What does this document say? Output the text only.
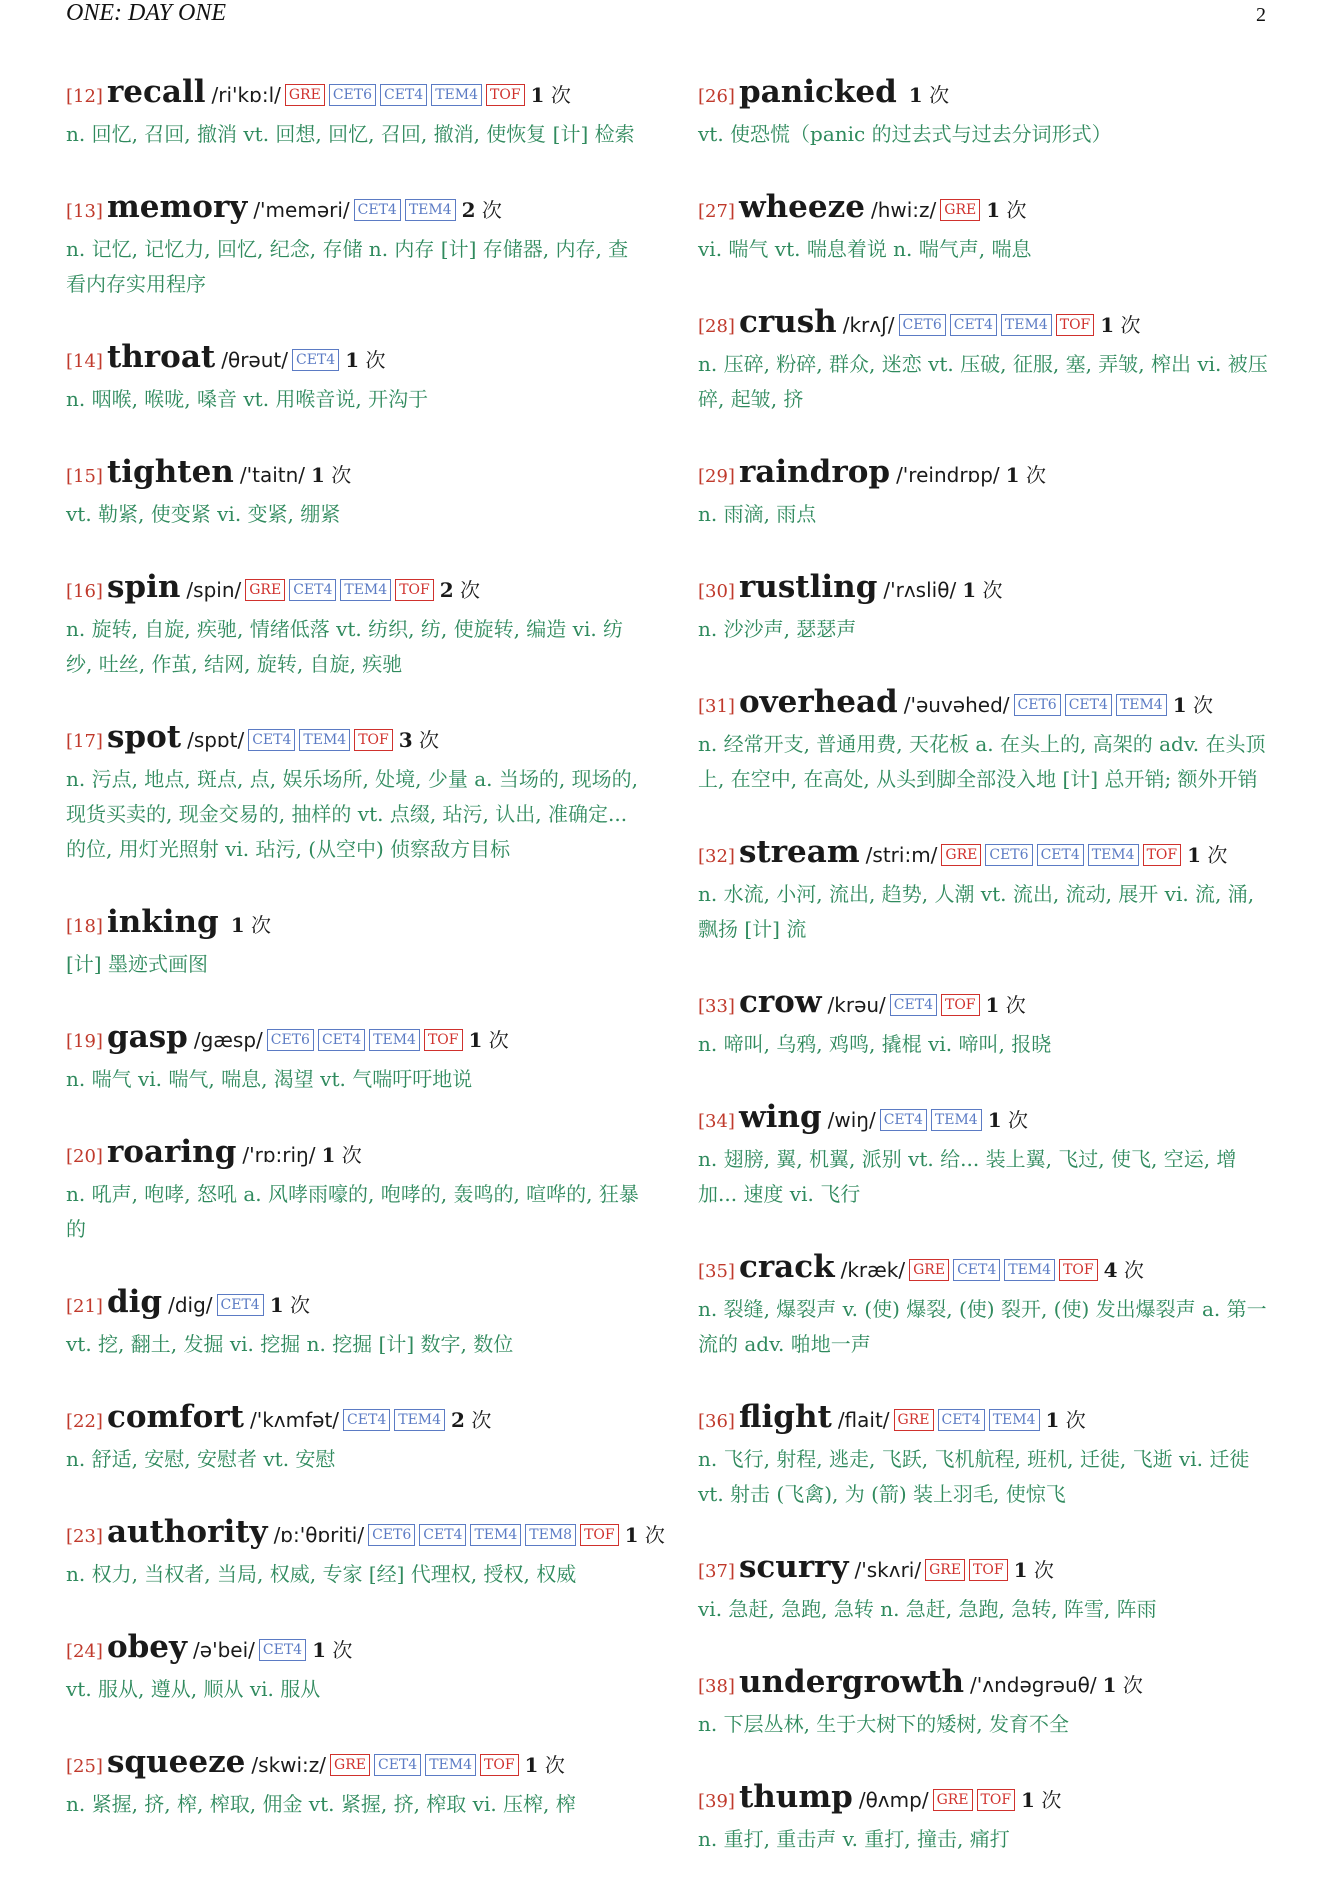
ONE: DAY ONE	2
[12] recall /ri'kɒ:l/ GRE CET6 CET4 TEM4 TOF 1 次

n. 回忆, 召回, 撤消 vt. 回想, 回忆, 召回, 撤消, 使恢复 [计] 检索

[13] memory /'meməri/ CET4 TEM4 2 次

n. 记忆, 记忆力, 回忆, 纪念, 存储 n. 内存 [计] 存储器, 内存, 查看内存实用程序

[14] throat /θrəut/ CET4 1 次

n. 咽喉, 喉咙, 嗓音 vt. 用喉音说, 开沟于

[15] tighten /'taitn/ 1 次

vt. 勒紧, 使变紧 vi. 变紧, 绷紧

[16] spin /spin/ GRE CET4 TEM4 TOF 2 次

n. 旋转, 自旋, 疾驰, 情绪低落 vt. 纺织, 纺, 使旋转, 编造 vi. 纺纱, 吐丝, 作茧, 结网, 旋转, 自旋, 疾驰

[17] spot /spɒt/ CET4 TEM4 TOF 3 次

n. 污点, 地点, 斑点, 点, 娱乐场所, 处境, 少量 a. 当场的, 现场的, 现货买卖的, 现金交易的, 抽样的 vt. 点缀, 玷污, 认出, 准确定... 的位, 用灯光照射 vi. 玷污, (从空中) 侦察敌方目标

[18] inking 1 次

[计] 墨迹式画图

[19] gasp /gæsp/ CET6 CET4 TEM4 TOF 1 次

n. 喘气 vi. 喘气, 喘息, 渴望 vt. 气喘吁吁地说

[20] roaring /'rɒ:riŋ/ 1 次

n. 吼声, 咆哮, 怒吼 a. 风哮雨嚎的, 咆哮的, 轰鸣的, 喧哗的, 狂暴的

[21] dig /dig/ CET4 1 次

vt. 挖, 翻土, 发掘 vi. 挖掘 n. 挖掘 [计] 数字, 数位

[22] comfort /'kʌmfət/ CET4 TEM4 2 次

n. 舒适, 安慰, 安慰者 vt. 安慰

[23] authority /ɒ:'θɒriti/ CET6 CET4 TEM4 TEM8 TOF 1 次

n. 权力, 当权者, 当局, 权威, 专家 [经] 代理权, 授权, 权威

[24] obey /ə'bei/ CET4 1 次

vt. 服从, 遵从, 顺从 vi. 服从

[25] squeeze /skwi:z/ GRE CET4 TEM4 TOF 1 次

n. 紧握, 挤, 榨, 榨取, 佣金 vt. 紧握, 挤, 榨取 vi. 压榨, 榨

[26] panicked 1 次

vt. 使恐慌（panic 的过去式与过去分词形式）

[27] wheeze /hwi:z/ GRE 1 次

vi. 喘气 vt. 喘息着说 n. 喘气声, 喘息

[28] crush /krʌʃ/ CET6 CET4 TEM4 TOF 1 次

n. 压碎, 粉碎, 群众, 迷恋 vt. 压破, 征服, 塞, 弄皱, 榨出 vi. 被压碎, 起皱, 挤

[29] raindrop /'reindrɒp/ 1 次

n. 雨滴, 雨点

[30] rustling /'rʌsliθ/ 1 次

n. 沙沙声, 瑟瑟声

[31] overhead /'əuvəhed/ CET6 CET4 TEM4 1 次

n. 经常开支, 普通用费, 天花板 a. 在头上的, 高架的 adv. 在头顶上, 在空中, 在高处, 从头到脚全部没入地 [计] 总开销; 额外开销

[32] stream /stri:m/ GRE CET6 CET4 TEM4 TOF 1 次

n. 水流, 小河, 流出, 趋势, 人潮 vt. 流出, 流动, 展开 vi. 流, 涌, 飘扬 [计] 流

[33] crow /krəu/ CET4 TOF 1 次

n. 啼叫, 乌鸦, 鸡鸣, 撬棍 vi. 啼叫, 报晓

[34] wing /wiŋ/ CET4 TEM4 1 次

n. 翅膀, 翼, 机翼, 派别 vt. 给... 装上翼, 飞过, 使飞, 空运, 增加... 速度 vi. 飞行

[35] crack /kræk/ GRE CET4 TEM4 TOF 4 次

n. 裂缝, 爆裂声 v. (使) 爆裂, (使) 裂开, (使) 发出爆裂声 a. 第一流的 adv. 啪地一声

[36] flight /flait/ GRE CET4 TEM4 1 次

n. 飞行, 射程, 逃走, 飞跃, 飞机航程, 班机, 迁徙, 飞逝 vi. 迁徙 vt. 射击 (飞禽), 为 (箭) 装上羽毛, 使惊飞

[37] scurry /'skʌri/ GRE TOF 1 次

vi. 急赶, 急跑, 急转 n. 急赶, 急跑, 急转, 阵雪, 阵雨

[38] undergrowth /'ʌndəgrəuθ/ 1 次

n. 下层丛林, 生于大树下的矮树, 发育不全

[39] thump /θʌmp/ GRE TOF 1 次

n. 重打, 重击声 v. 重打, 撞击, 痛打
